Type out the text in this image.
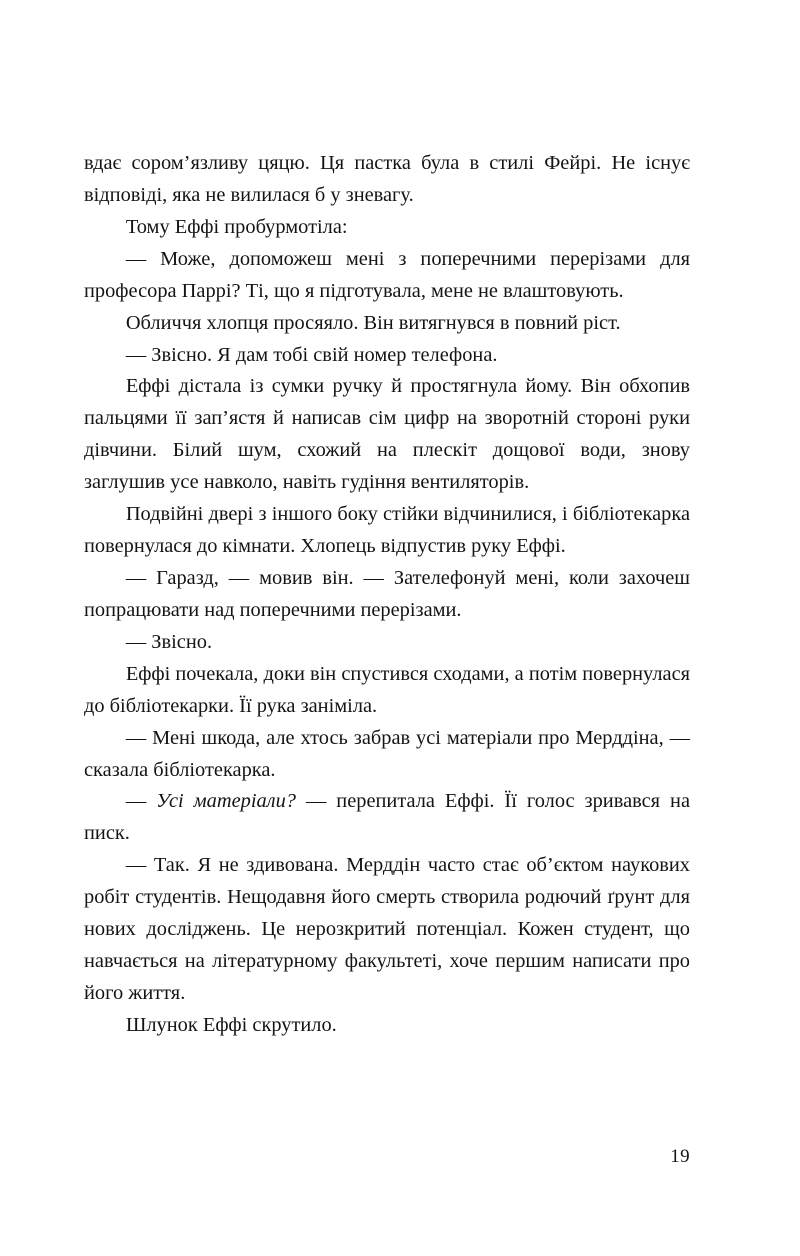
вдає сором’язливу цяцю. Ця пастка була в стилі Фейрі. Не існує відповіді, яка не вилилася б у зневагу.

Тому Еффі пробурмотіла:

— Може, допоможеш мені з поперечними перерізами для професора Паррі? Ті, що я підготувала, мене не влаштовують.

Обличчя хлопця просяяло. Він витягнувся в повний ріст.

— Звісно. Я дам тобі свій номер телефона.

Еффі дістала із сумки ручку й простягнула йому. Він обхопив пальцями її зап’ястя й написав сім цифр на зворотній стороні руки дівчини. Білий шум, схожий на плескіт дощової води, знову заглушив усе навколо, навіть гудіння вентиляторів.

Подвійні двері з іншого боку стійки відчинилися, і бібліотекарка повернулася до кімнати. Хлопець відпустив руку Еффі.

— Гаразд, — мовив він. — Зателефонуй мені, коли захочеш попрацювати над поперечними перерізами.

— Звісно.

Еффі почекала, доки він спустився сходами, а потім повернулася до бібліотекарки. Її рука заніміла.

— Мені шкода, але хтось забрав усі матеріали про Мерддіна, — сказала бібліотекарка.

— Усі матеріали? — перепитала Еффі. Її голос зривався на писк.

— Так. Я не здивована. Мерддін часто стає об’єктом наукових робіт студентів. Нещодавня його смерть створила родючий ґрунт для нових досліджень. Це нерозкритий потенціал. Кожен студент, що навчається на літературному факультеті, хоче першим написати про його життя.

Шлунок Еффі скрутило.

19
